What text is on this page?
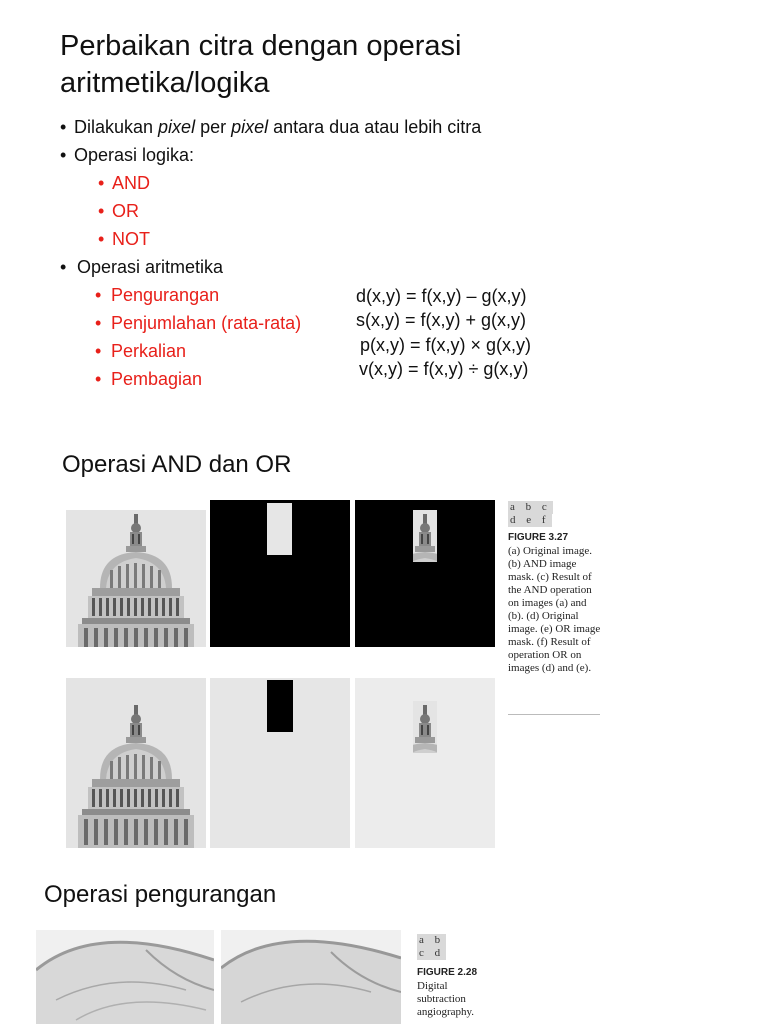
Perbaikan citra dengan operasi aritmetika/logika
• Dilakukan pixel per pixel antara dua atau lebih citra
• Operasi logika:
• AND
• OR
• NOT
• Operasi aritmetika
• Pengurangan
• Penjumlahan (rata-rata)
• Perkalian
• Pembagian
d(x,y) = f(x,y) – g(x,y)
s(x,y) = f(x,y) + g(x,y)
p(x,y) = f(x,y) × g(x,y)
v(x,y) = f(x,y) ÷ g(x,y)
Operasi AND dan OR
a b c
d e f
FIGURE 3.27
(a) Original image. (b) AND image mask. (c) Result of the AND operation on images (a) and (b). (d) Original image. (e) OR image mask. (f) Result of operation OR on images (d) and (e).
Operasi pengurangan
a b
c d
FIGURE 2.28
Digital subtraction angiography.
